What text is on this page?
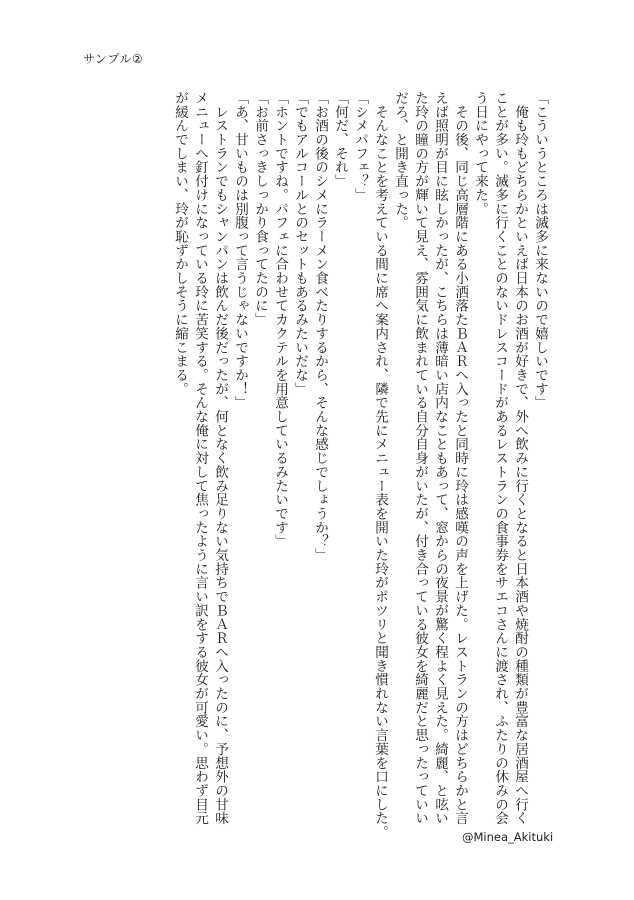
サンプル②
「こういうところは滅多に来ないので嬉しいです」
　俺も玲もどちらかといえば日本のお酒が好きで、外へ飲みに行くとなると日本酒や焼酎の種類が豊富な居酒屋へ行く
ことが多い。滅多に行くことのないドレスコードがあるレストランの食事券をサエコさんに渡され、ふたりの休みの会
う日にやって来た。
　その後、同じ高層階にある小洒落たＢＡＲへ入ったと同時に玲は感嘆の声を上げた。レストランの方はどちらかと言
えば照明が目に眩しかったが、こちらは薄暗い店内なこともあって、窓からの夜景が驚く程よく見えた。綺麗、と呟い
た玲の瞳の方が輝いて見え、雰囲気に飲まれている自分自身がいたが、付き合っている彼女を綺麗だと思ったっていい
だろ、と開き直った。
　そんなことを考えている間に席へ案内され、隣で先にメニュー表を開いた玲がポツリと聞き慣れない言葉を口にした。
「シメパフェ？」
「何だ、それ」
「お酒の後のシメにラーメン食べたりするから、そんな感じでしょうか？」
「でもアルコールとのセットもあるみたいだな」
「ホントですね。パフェに合わせてカクテルを用意しているみたいです」
「お前さっきしっかり食ってたのに」
「あ、甘いものは別腹って言うじゃないですか！」
　レストランでもシャンパンは飲んだ後だったが、何となく飲み足りない気持ちでＢＡＲへ入ったのに、予想外の甘味
メニューへ釘付けになっている玲に苦笑する。そんな俺に対して焦ったように言い訳をする彼女が可愛い。思わず目元
が緩んでしまい、玲が恥ずかしそうに縮こまる。
@Minea_Akituki
